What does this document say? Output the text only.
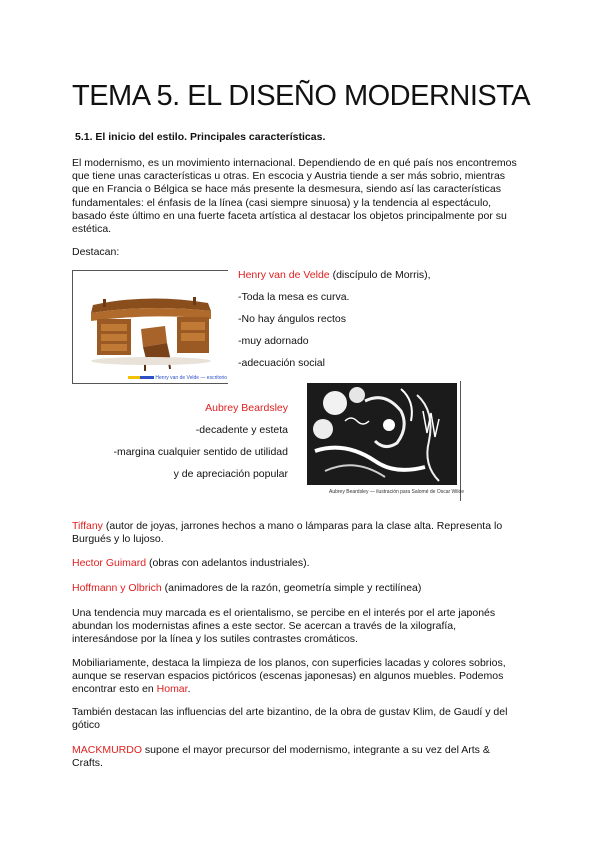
TEMA 5. EL DISEÑO MODERNISTA
5.1. El inicio del estilo. Principales características.

El modernismo, es un movimiento internacional. Dependiendo de en qué país nos encontremos que tiene unas características u otras. En escocia y Austria tiende a ser más sobrio, mientras que en Francia o Bélgica se hace más presente la desmesura, siendo así las características fundamentales: el énfasis de la línea (casi siempre sinuosa) y la tendencia al espectáculo, basado éste último en una fuerte faceta artística al destacar los objetos principalmente por su estética.

Destacan:
Henry van de Velde — escritorio
Henry van de Velde (discípulo de Morris),
-Toda la mesa es curva.
-No hay ángulos rectos
-muy adornado
-adecuación social
Aubrey Beardsley
-decadente y esteta
-margina cualquier sentido de utilidad
y de apreciación popular
Aubrey Beardsley — ilustración para Salomé de Oscar Wilde

Tiffany (autor de joyas, jarrones hechos a mano o lámparas para la clase alta. Representa lo Burgués y lo lujoso.

Hector Guimard (obras con adelantos industriales).

Hoffmann y Olbrich (animadores de la razón, geometría simple y rectilínea)

Una tendencia muy marcada es el orientalismo, se percibe en el interés por el arte japonés abundan los modernistas afines a este sector. Se acercan a través de la xilografía, interesándose por la línea y los sutiles contrastes cromáticos.

Mobiliariamente, destaca la limpieza de los planos, con superficies lacadas y colores sobrios, aunque se reservan espacios pictóricos (escenas japonesas) en algunos muebles. Podemos encontrar esto en Homar.

También destacan las influencias del arte bizantino, de la obra de gustav Klim, de Gaudí y del gótico

MACKMURDO supone el mayor precursor del modernismo, integrante a su vez del Arts & Crafts.
